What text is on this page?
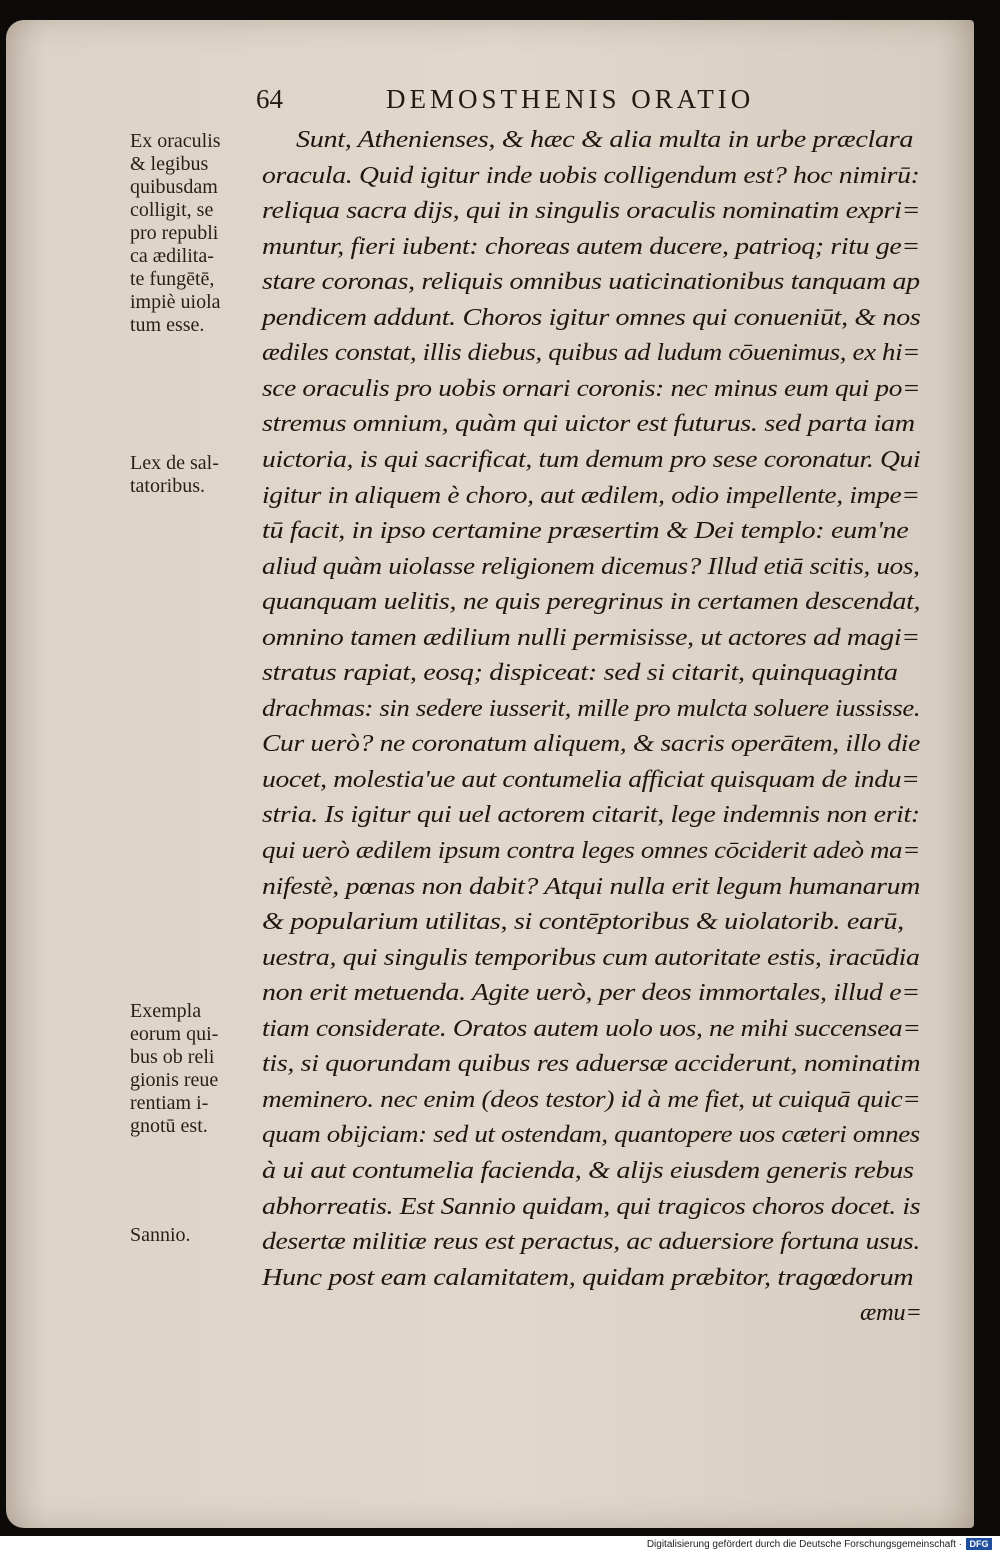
64	DEMOSTHENIS ORATIO
Ex oraculis
& legibus
quibusdam
colligit, se
pro republi
ca ædilita-
te fungētē,
impiè uiola
tum esse.
Lex de sal-
tatoribus.
Exempla
eorum qui-
bus ob reli
gionis reue
rentiam i-
gnotū est.
Sannio.
Sunt, Athenienses, & hæc & alia multa in urbe præclara
oracula. Quid igitur inde uobis colligendum est? hoc nimirū:
reliqua sacra dijs, qui in singulis oraculis nominatim expri=
muntur, fieri iubent: choreas autem ducere, patrioq; ritu ge=
stare coronas, reliquis omnibus uaticinationibus tanquam ap
pendicem addunt. Choros igitur omnes qui conueniūt, & nos
ædiles constat, illis diebus, quibus ad ludum cōuenimus, ex hi=
sce oraculis pro uobis ornari coronis: nec minus eum qui po=
stremus omnium, quàm qui uictor est futurus. sed parta iam
uictoria, is qui sacrificat, tum demum pro sese coronatur. Qui
igitur in aliquem è choro, aut ædilem, odio impellente, impe=
tū facit, in ipso certamine præsertim & Dei templo: eum'ne
aliud quàm uiolasse religionem dicemus? Illud etiā scitis, uos,
quanquam uelitis, ne quis peregrinus in certamen descendat,
omnino tamen ædilium nulli permisisse, ut actores ad magi=
stratus rapiat, eosq; dispiceat: sed si citarit, quinquaginta
drachmas: sin sedere iusserit, mille pro mulcta soluere iussisse.
Cur uerò? ne coronatum aliquem, & sacris operātem, illo die
uocet, molestia'ue aut contumelia afficiat quisquam de indu=
stria. Is igitur qui uel actorem citarit, lege indemnis non erit:
qui uerò ædilem ipsum contra leges omnes cōciderit adeò ma=
nifestè, pœnas non dabit? Atqui nulla erit legum humanarum
& popularium utilitas, si contēptoribus & uiolatorib. earū,
uestra, qui singulis temporibus cum autoritate estis, iracūdia
non erit metuenda. Agite uerò, per deos immortales, illud e=
tiam considerate. Oratos autem uolo uos, ne mihi succensea=
tis, si quorundam quibus res aduersæ acciderunt, nominatim
meminero. nec enim (deos testor) id à me fiet, ut cuiquā quic=
quam obijciam: sed ut ostendam, quantopere uos cæteri omnes
à ui aut contumelia facienda, & alijs eiusdem generis rebus
abhorreatis. Est Sannio quidam, qui tragicos choros docet. is
desertæ militiæ reus est peractus, ac aduersiore fortuna usus.
Hunc post eam calamitatem, quidam præbitor, tragœdorum
æmu=
Digitalisierung gefördert durch die Deutsche Forschungsgemeinschaft · DFG
